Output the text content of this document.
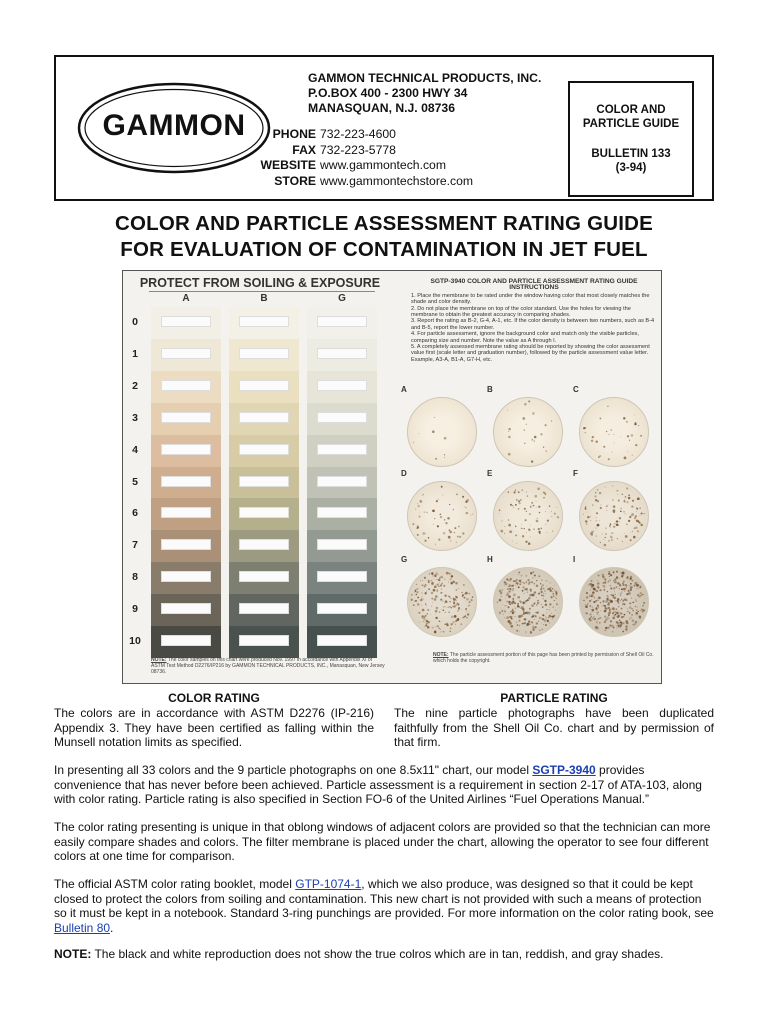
GAMMON
GAMMON TECHNICAL PRODUCTS, INC.
P.O.BOX 400 - 2300 HWY 34
MANASQUAN, N.J. 08736
PHONE 732-223-4600
FAX 732-223-5778
WEBSITE www.gammontech.com
STORE www.gammontechstore.com
COLOR AND
PARTICLE GUIDE
BULLETIN 133
(3-94)
COLOR AND PARTICLE ASSESSMENT RATING GUIDE
FOR EVALUATION OF CONTAMINATION IN JET FUEL
PROTECT FROM SOILING & EXPOSURE
A	B	G
0
1
2
3
4
5
6
7
8
9
10
NOTE: The color samples on this chart were produced Nov. 1997 in accordance with Appendix XI of ASTM Test Method D2276/IP216 by GAMMON TECHNICAL PRODUCTS, INC., Manasquan, New Jersey 08736.
SGTP-3940 COLOR AND PARTICLE ASSESSMENT RATING GUIDE
INSTRUCTIONS
1. Place the membrane to be rated under the window having color that most closely matches the shade and color density.
2. Do not place the membrane on top of the color standard. Use the holes for viewing the membrane to obtain the greatest accuracy in comparing shades.
3. Report the rating as B-2, G-4, A-1, etc. If the color density is between two numbers, such as B-4 and B-5, report the lower number.
4. For particle assessment, ignore the background color and match only the visible particles, comparing size and number. Note the value as A through I.
5. A completely assessed membrane rating should be reported by showing the color assessment value first (scale letter and graduation number), followed by the particle assessment value letter. Example, A3-A, B1-A, G7-H, etc.
A	B	C
D	E	F
G	H	I
NOTE: The particle assessment portion of this page has been printed by permission of Shell Oil Co. which holds the copyright.
COLOR RATING
The colors are in accordance with ASTM D2276 (IP-216) Appendix 3. They have been certified as falling within the Munsell notation limits as specified.
PARTICLE RATING
The nine particle photographs have been duplicated faithfully from the Shell Oil Co. chart and by permission of that firm.
In presenting all 33 colors and the 9 particle photographs on one 8.5x11" chart, our model SGTP-3940 provides convenience that has never before been achieved. Particle assessment is a requirement in section 2-17 of ATA-103, along with color rating. Particle rating is also specified in Section FO-6 of the United Airlines “Fuel Operations Manual.”
The color rating presenting is unique in that oblong windows of adjacent colors are provided so that the technician can more easily compare shades and colors. The filter membrane is placed under the chart, allowing the operator to see four different colors at one time for comparison.
The official ASTM color rating booklet, model GTP-1074-1, which we also produce, was designed so that it could be kept closed to protect the colors from soiling and contamination. This new chart is not provided with such a means of protection so it must be kept in a notebook. Standard 3-ring punchings are provided. For more information on the color rating book, see Bulletin 80.
NOTE: The black and white reproduction does not show the true colros which are in tan, reddish, and gray shades.
